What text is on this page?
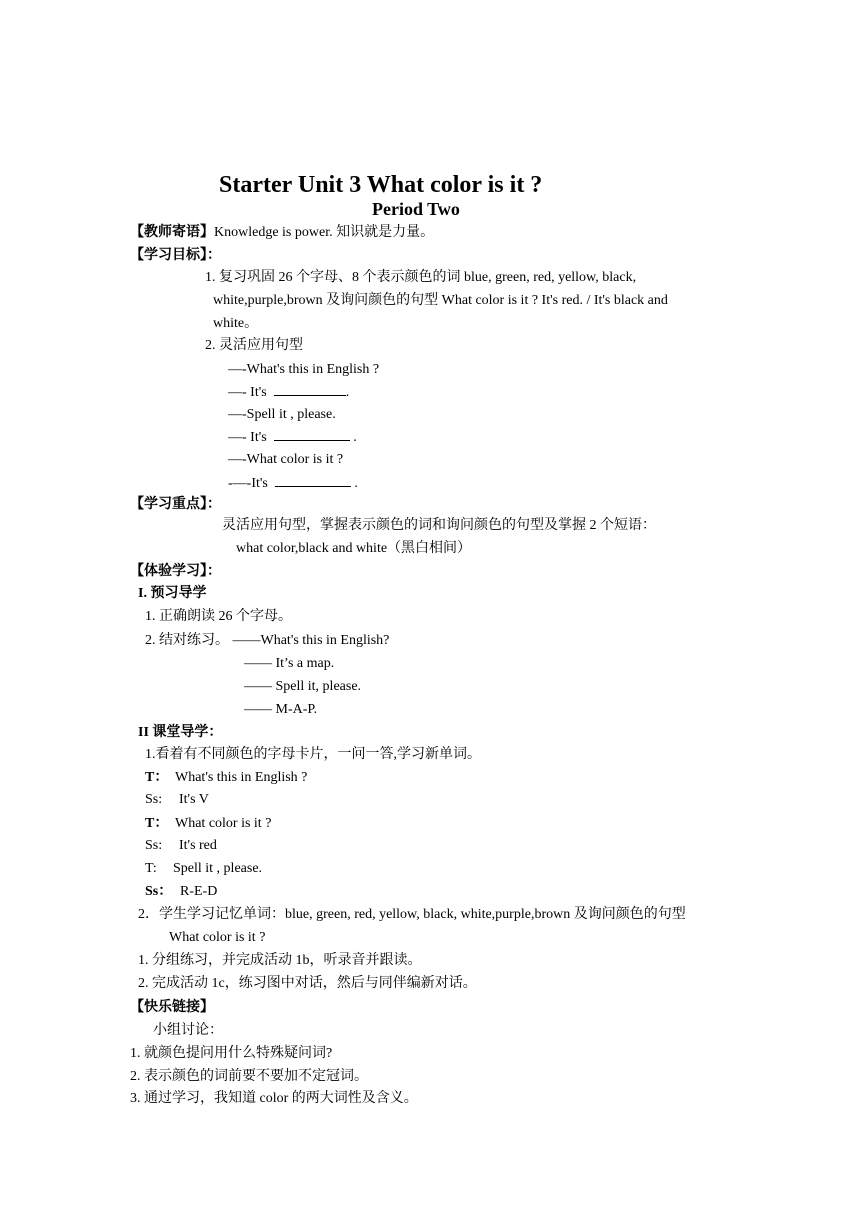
Starter Unit 3 What color is it ?
Period Two
【教师寄语】Knowledge is power. 知识就是力量。
【学习目标】：
1. 复习巩固 26 个字母、8 个表示颜色的词 blue, green, red, yellow, black,
white,purple,brown 及询问颜色的句型 What color is it ? It's red. / It's black and
white。
2. 灵活应用句型
—-What's this in English ?
—- It's	.
—-Spell it , please.
—- It's	.
—-What color is it ?
-—-It's	.
【学习重点】：
灵活应用句型，掌握表示颜色的词和询问颜色的句型及掌握 2 个短语：
what color,black and white（黑白相间）
【体验学习】：
I. 预习导学
1. 正确朗读 26 个字母。
2. 结对练习。 ——What's this in English?
—— It’s a map.
—— Spell it, please.
—— M-A-P.
II 课堂导学：
1.看着有不同颜色的字母卡片，一问一答,学习新单词。
T： What's this in English ?
Ss: It's V
T： What color is it ?
Ss: It's red
T: Spell it , please.
Ss： R-E-D
2．学生学习记忆单词：blue, green, red, yellow, black, white,purple,brown 及询问颜色的句型
What color is it ?
1. 分组练习，并完成活动 1b，听录音并跟读。
2. 完成活动 1c，练习图中对话，然后与同伴编新对话。
【快乐链接】
小组讨论：
1. 就颜色提问用什么特殊疑问词?
2. 表示颜色的词前要不要加不定冠词。
3. 通过学习，我知道 color 的两大词性及含义。
